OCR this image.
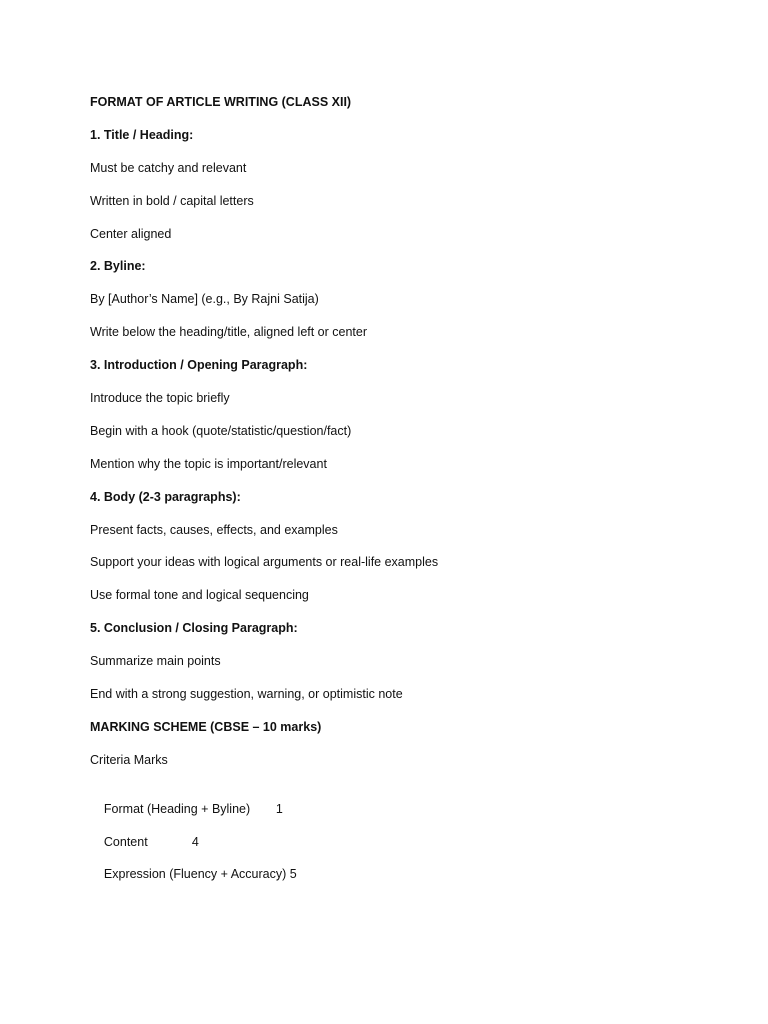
FORMAT OF ARTICLE WRITING (CLASS XII)
1. Title / Heading:
Must be catchy and relevant
Written in bold / capital letters
Center aligned
2. Byline:
By [Author’s Name] (e.g., By Rajni Satija)
Write below the heading/title, aligned left or center
3. Introduction / Opening Paragraph:
Introduce the topic briefly
Begin with a hook (quote/statistic/question/fact)
Mention why the topic is important/relevant
4. Body (2-3 paragraphs):
Present facts, causes, effects, and examples
Support your ideas with logical arguments or real-life examples
Use formal tone and logical sequencing
5. Conclusion / Closing Paragraph:
Summarize main points
End with a strong suggestion, warning, or optimistic note
MARKING SCHEME (CBSE – 10 marks)
Criteria Marks

Format (Heading + Byline) 1

Content	4

Expression (Fluency + Accuracy) 5
